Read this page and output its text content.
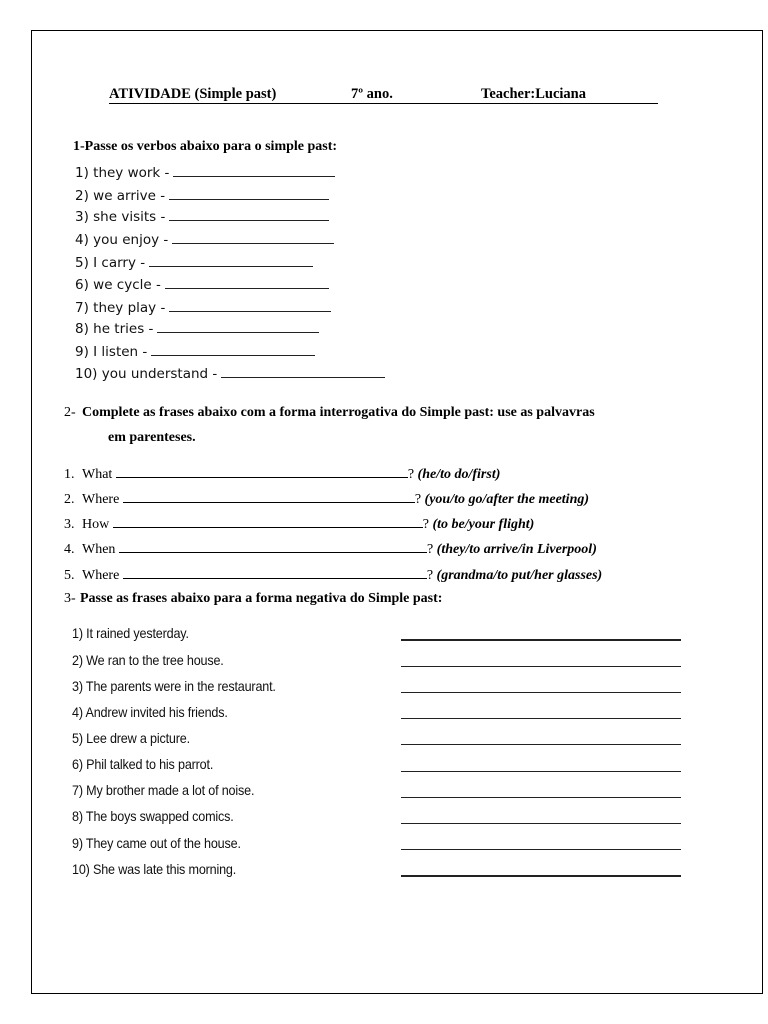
ATIVIDADE (Simple past)	7º ano.	Teacher:Luciana
1-Passe os verbos abaixo para o simple past:
1) they work -
2) we arrive -
3) she visits -
4) you enjoy -
5) I carry -
6) we cycle -
7) they play -
8) he tries -
9) I listen -
10) you understand -
2- Complete as frases abaixo com a forma interrogativa do Simple past: use as palvavras
em parenteses.
1. What	? (he/to do/first)
2. Where	? (you/to go/after the meeting)
3. How	? (to be/your flight)
4. When	? (they/to arrive/in Liverpool)
5. Where	? (grandma/to put/her glasses)
3- Passe as frases abaixo para a forma negativa do Simple past:
1) It rained yesterday.
2) We ran to the tree house.
3) The parents were in the restaurant.
4) Andrew invited his friends.
5) Lee drew a picture.
6) Phil talked to his parrot.
7) My brother made a lot of noise.
8) The boys swapped comics.
9) They came out of the house.
10) She was late this morning.
